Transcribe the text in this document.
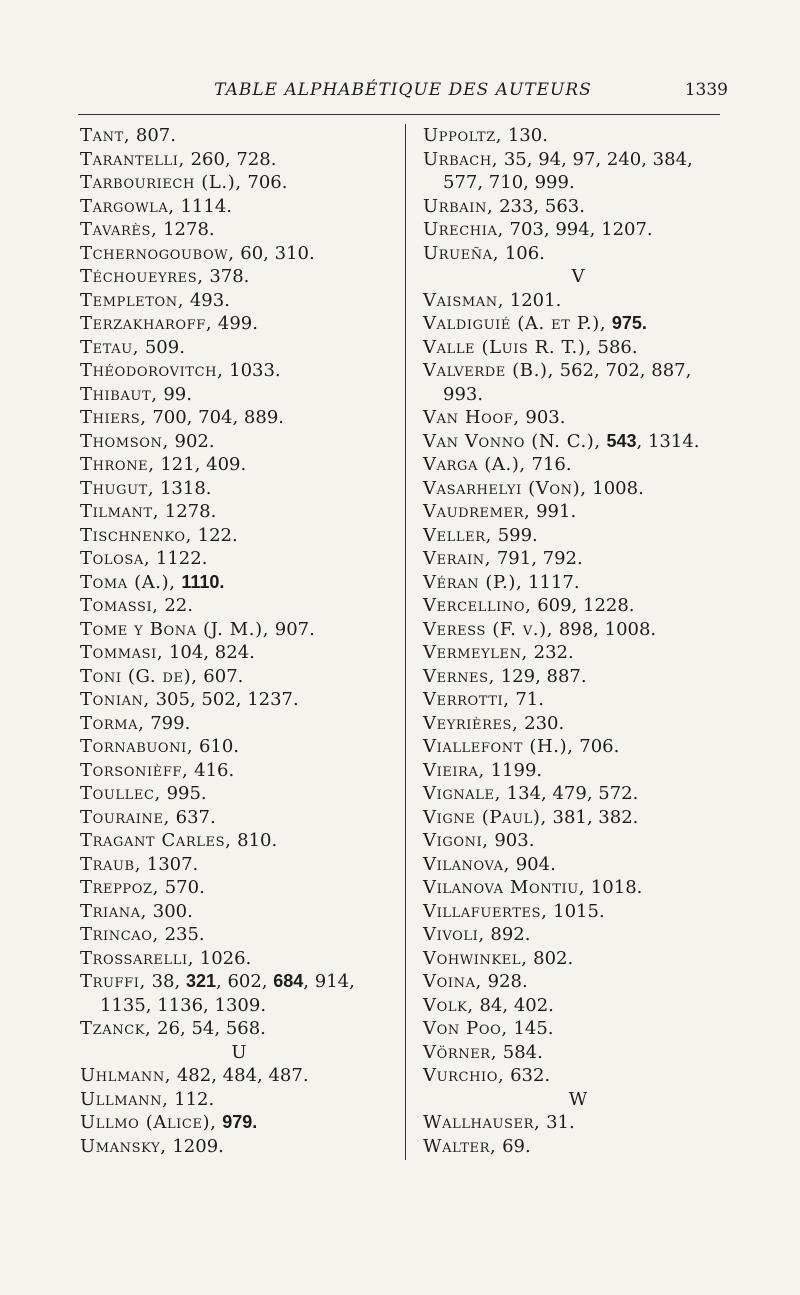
TABLE ALPHABÉTIQUE DES AUTEURS	1339
Tant, 807.
Tarantelli, 260, 728.
Tarbouriech (L.), 706.
Targowla, 1114.
Tavarès, 1278.
Tchernogoubow, 60, 310.
Téchoueyres, 378.
Templeton, 493.
Terzakharoff, 499.
Tetau, 509.
Théodorovitch, 1033.
Thibaut, 99.
Thiers, 700, 704, 889.
Thomson, 902.
Throne, 121, 409.
Thugut, 1318.
Tilmant, 1278.
Tischnenko, 122.
Tolosa, 1122.
Toma (A.), 1110.
Tomassi, 22.
Tome y Bona (J. M.), 907.
Tommasi, 104, 824.
Toni (G. de), 607.
Tonian, 305, 502, 1237.
Torma, 799.
Tornabuoni, 610.
Torsonièff, 416.
Toullec, 995.
Touraine, 637.
Tragant Carles, 810.
Traub, 1307.
Treppoz, 570.
Triana, 300.
Trincao, 235.
Trossarelli, 1026.
Truffi, 38, 321, 602, 684, 914,
1135, 1136, 1309.
Tzanck, 26, 54, 568.
U
Uhlmann, 482, 484, 487.
Ullmann, 112.
Ullmo (Alice), 979.
Umansky, 1209.
Uppoltz, 130.
Urbach, 35, 94, 97, 240, 384,
577, 710, 999.
Urbain, 233, 563.
Urechia, 703, 994, 1207.
Urueña, 106.
V
Vaisman, 1201.
Valdiguié (A. et P.), 975.
Valle (Luis R. T.), 586.
Valverde (B.), 562, 702, 887,
993.
Van Hoof, 903.
Van Vonno (N. C.), 543, 1314.
Varga (A.), 716.
Vasarhelyi (Von), 1008.
Vaudremer, 991.
Veller, 599.
Verain, 791, 792.
Véran (P.), 1117.
Vercellino, 609, 1228.
Veress (F. v.), 898, 1008.
Vermeylen, 232.
Vernes, 129, 887.
Verrotti, 71.
Veyrières, 230.
Viallefont (H.), 706.
Vieira, 1199.
Vignale, 134, 479, 572.
Vigne (Paul), 381, 382.
Vigoni, 903.
Vilanova, 904.
Vilanova Montiu, 1018.
Villafuertes, 1015.
Vivoli, 892.
Vohwinkel, 802.
Voina, 928.
Volk, 84, 402.
Von Poo, 145.
Vörner, 584.
Vurchio, 632.
W
Wallhauser, 31.
Walter, 69.
